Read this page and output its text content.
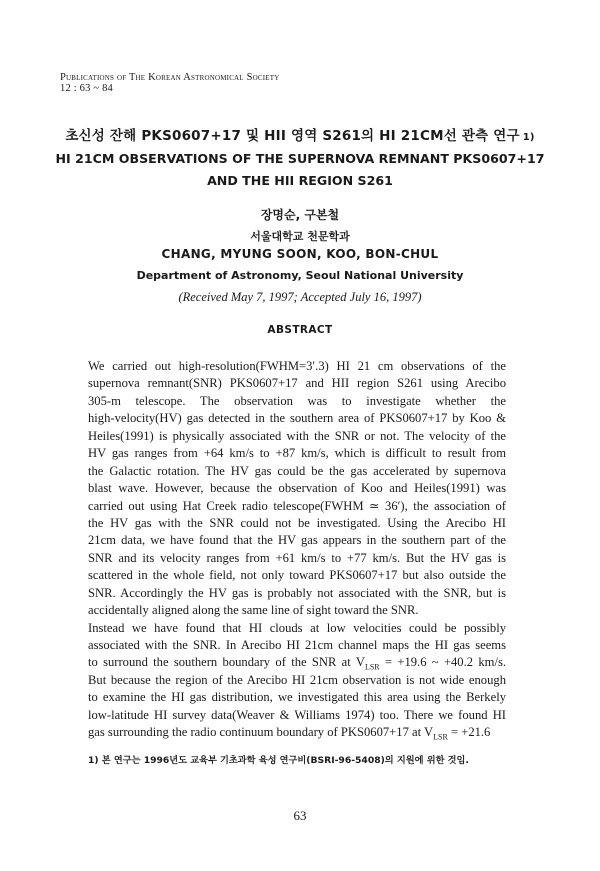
Publications of The Korean Astronomical Society
12 : 63 ~ 84
초신성 잔해 PKS0607+17 및 HII 영역 S261의 HI 21CM선 관측 연구 1)
HI 21CM OBSERVATIONS OF THE SUPERNOVA REMNANT PKS0607+17
AND THE HII REGION S261
장명순, 구본철
서울대학교 천문학과
CHANG, MYUNG SOON, KOO, BON-CHUL
Department of Astronomy, Seoul National University
(Received May 7, 1997; Accepted July 16, 1997)
ABSTRACT
We carried out high-resolution(FWHM=3′.3) HI 21 cm observations of the
supernova remnant(SNR) PKS0607+17 and HII region S261 using Arecibo
305-m telescope. The observation was to investigate whether the
high-velocity(HV) gas detected in the southern area of PKS0607+17 by Koo &
Heiles(1991) is physically associated with the SNR or not. The velocity of the
HV gas ranges from +64 km/s to +87 km/s, which is difficult to result from
the Galactic rotation. The HV gas could be the gas accelerated by supernova
blast wave. However, because the observation of Koo and Heiles(1991) was
carried out using Hat Creek radio telescope(FWHM ≃ 36′), the association of
the HV gas with the SNR could not be investigated. Using the Arecibo HI
21cm data, we have found that the HV gas appears in the southern part of the
SNR and its velocity ranges from +61 km/s to +77 km/s. But the HV gas is
scattered in the whole field, not only toward PKS0607+17 but also outside the
SNR. Accordingly the HV gas is probably not associated with the SNR, but is
accidentally aligned along the same line of sight toward the SNR.
Instead we have found that HI clouds at low velocities could be possibly
associated with the SNR. In Arecibo HI 21cm channel maps the HI gas seems
to surround the southern boundary of the SNR at $V_{LSR} = +19.6$ ~ +40.2 km/s.
But because the region of the Arecibo HI 21cm observation is not wide enough
to examine the HI gas distribution, we investigated this area using the Berkely
low-latitude HI survey data(Weaver & Williams 1974) too. There we found HI
gas surrounding the radio continuum boundary of PKS0607+17 at $V_{LSR} = +21.6$
1) 본 연구는 1996년도 교육부 기초과학 육성 연구비(BSRI-96-5408)의 지원에 위한 것임.
63
